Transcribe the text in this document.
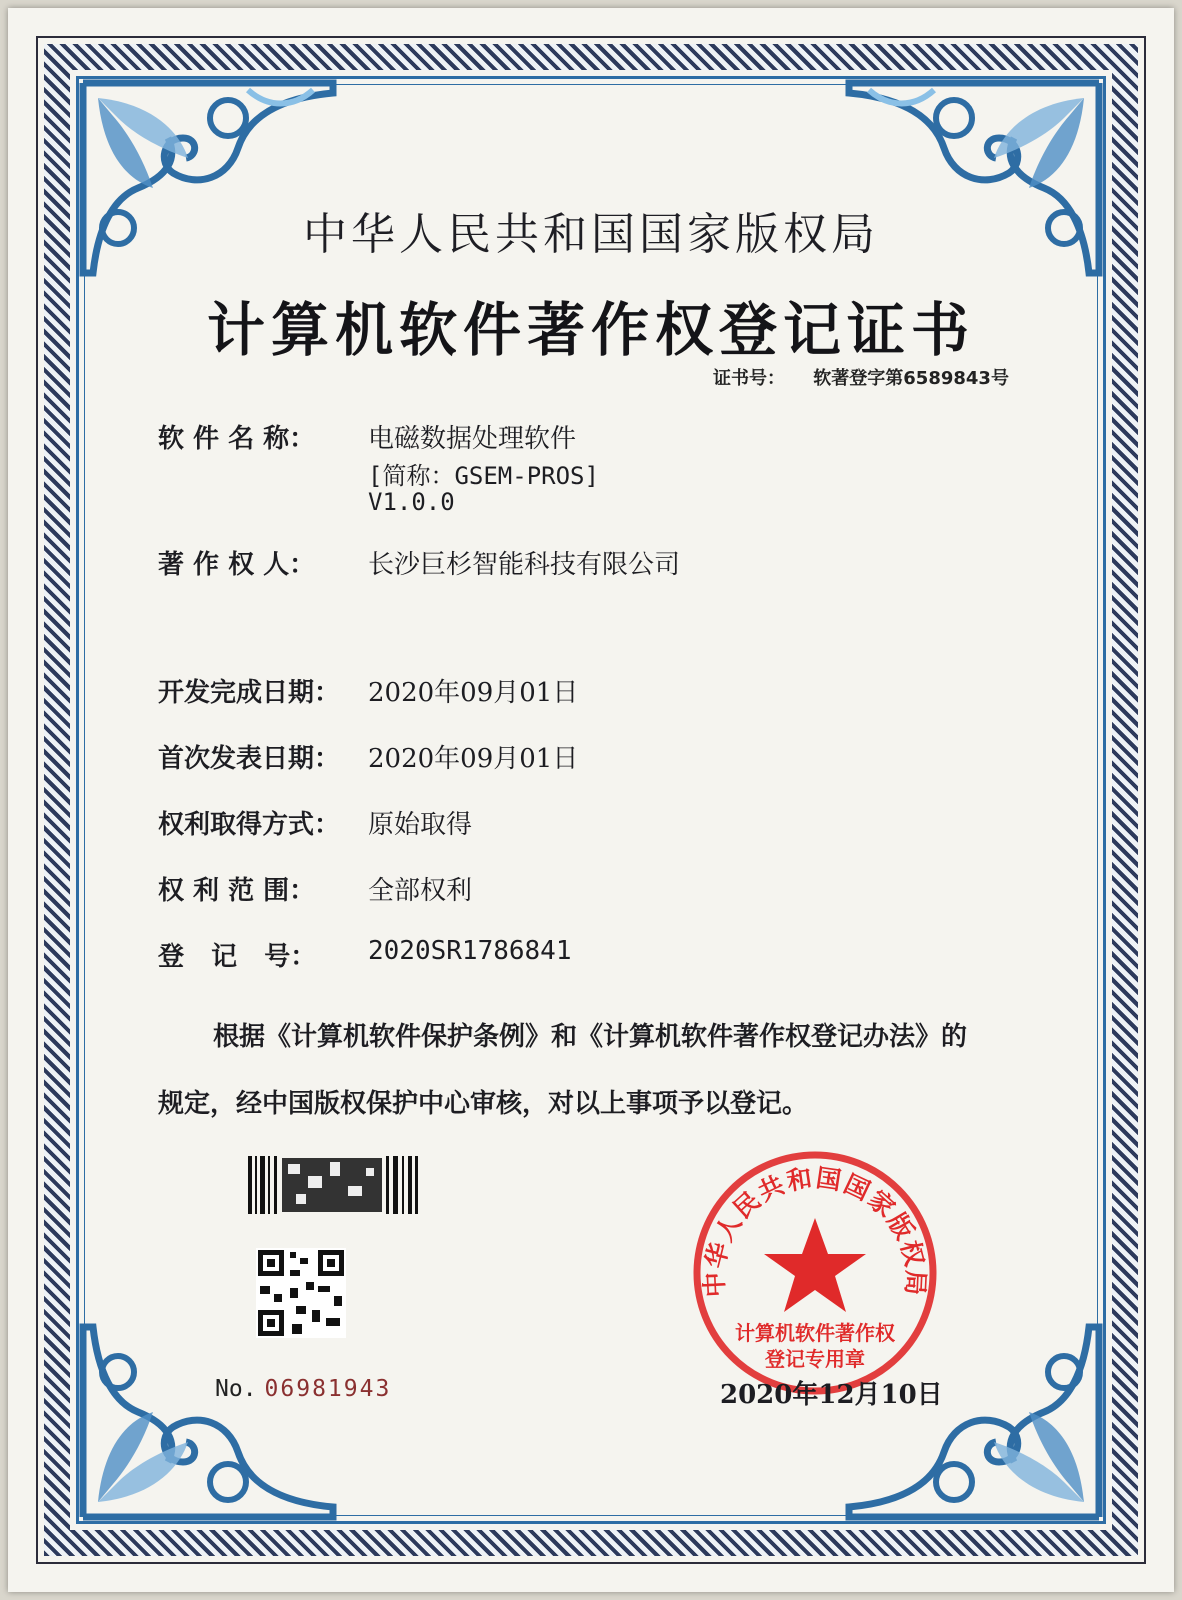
中华人民共和国国家版权局
计算机软件著作权登记证书
证书号： 软著登字第6589843号
软 件 名 称： 电磁数据处理软件
[简称：GSEM-PROS]
V1.0.0
著 作 权 人： 长沙巨杉智能科技有限公司
开发完成日期： 2020年09月01日
首次发表日期： 2020年09月01日
权利取得方式： 原始取得
权 利 范 围： 全部权利
登   记   号： 2020SR1786841
根据《计算机软件保护条例》和《计算机软件著作权登记办法》的
规定，经中国版权保护中心审核，对以上事项予以登记。
No. 06981943
中华人民共和国国家版权局
计算机软件著作权
登记专用章
2020年12月10日
